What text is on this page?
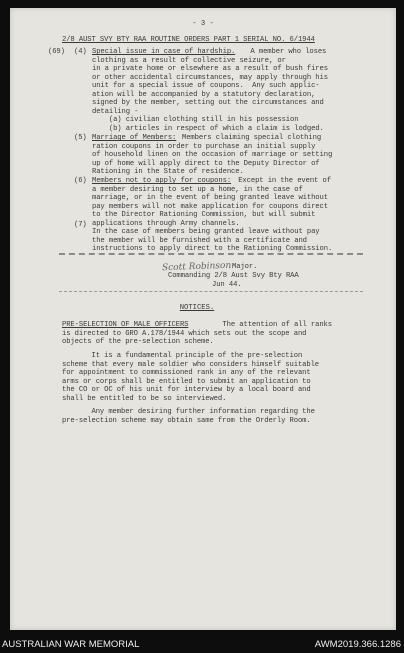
- 3 -
2/8 AUST SVY BTY RAA ROUTINE ORDERS PART 1 SERIAL NO. 6/1944
(69) (4) Special issue in case of hardship. A member who loses
clothing as a result of collective seizure, or
in a private home or elsewhere as a result of bush fires
or other accidental circumstances, may apply through his
unit for a special issue of coupons.  Any such applic-
ation will be accompanied by a statutory declaration,
signed by the member, setting out the circumstances and
detailing -
(a) civilian clothing still in his possession
(b) articles in respect of which a claim is lodged.
(5) Marriage of Members: Members claiming special clothing
ration coupons in order to purchase an initial supply
of household linen on the occasion of marriage or setting
up of home will apply direct to the Deputy Director of
Rationing in the State of residence.
(6) Members not to apply for coupons: Except in the event of
a member desiring to set up a home, in the case of
marriage, or in the event of being granted leave without
pay members will not make application for coupons direct
to the Director Rationing Commission, but will submit
applications through Army channels.
(7)
In the case of members being granted leave without pay
the member will be furnished with a certificate and
instructions to apply direct to the Rationing Commission.
Scott Robinson Major.
Commanding 2/8 Aust Svy Bty RAA
Jun 44.
NOTICES.
PRE-SELECTION OF MALE OFFICERS	The attention of all ranks
is directed to GRO A.178/1944 which sets out the scope and
objects of the pre-selection scheme.
It is a fundamental principle of the pre-selection
scheme that every male soldier who considers himself suitable
for appointment to commissioned rank in any of the relevant
arms or corps shall be entitled to submit an application to
the CO or OC of his unit for interview by a local board and
shall be entitled to be so interviewed.
Any member desiring further information regarding the
pre-selection scheme may obtain same from the Orderly Room.
AUSTRALIAN WAR MEMORIAL	AWM2019.366.1286
